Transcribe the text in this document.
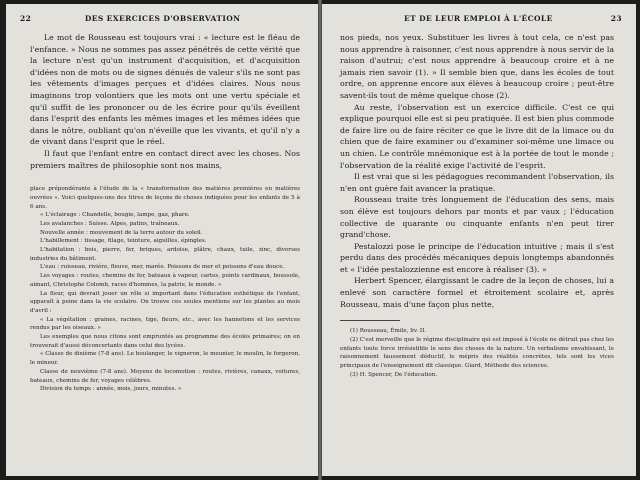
22	DES EXERCICES D'OBSERVATION

Le mot de Rousseau est toujours vrai : « lecture est le fléau de l'enfance. » Nous ne sommes pas assez pénétrés de cette vérité que la lecture n'est qu'un instrument d'acquisition, et d'acquisition d'idées non de mots ou de signes dénués de valeur s'ils ne sont pas les vêtements d'images perçues et d'idées claires. Nous nous imaginons trop volontiers que les mots ont une vertu spéciale et qu'il suffit de les prononcer ou de les écrire pour qu'ils éveillent dans l'esprit des enfants les mêmes images et les mêmes idées que dans le nôtre, oubliant qu'on n'éveille que les vivants, et qu'il n'y a de vivant dans l'esprit que le réel.

Il faut que l'enfant entre en contact direct avec les choses. Nos premiers maîtres de philosophie sont nos mains,

place prépondérante à l'étude de la « transformation des matières premières en matières ouvrées ». Voici quelques-uns des titres de leçons de choses indiquées pour les enfants de 5 à 6 ans.

« L'éclairage : Chandelle, bougie, lampe, gaz, phare.

Les avalanches : Suisse. Alpes, patins, traîneaux.

Nouvelle année : mouvement de la terre autour du soleil.

L'habillement : tissage, filage, teinture, aiguilles, épingles.

L'habitation : bois, pierre, fer, briques, ardoise, plâtre, chaux, tuile, zinc, diverses industries du bâtiment.

L'eau : ruisseau, rivière, fleuve, mer, marée. Poissons de mer et poissons d'eau douce.

Les voyages : routes, chemins de fer, bateaux à vapeur, cartes, points cardinaux, boussole, aimant, Christophe Colomb, races d'hommes, la patrie, le monde. »

La fleur, qui devrait jouer un rôle si important dans l'éducation esthétique de l'enfant, apparaît à peine dans la vie scolaire. On trouve ces seules mentions sur les plantes au mois d'avril :

« La végétation : graines, racines, tige, fleurs, etc., avec les hannetons et les services rendus par les oiseaux. »

Les exemples que nous citons sont empruntés au programme des écoles primaires; on en trouverait d'aussi déconcertants dans celui des lycées.

« Classe de dixième (7-8 ans). Le boulanger, le vigneron, le meunier, le moulin, le forgeron, le mineur.

Classe de neuvième (7-8 ans). Moyens de locomotion : routes, rivières, canaux, voitures, bateaux, chemins de fer, voyages célèbres.

Division du temps : année, mois, jours, minutes. »

ET DE LEUR EMPLOI À L'ÉCOLE	23

nos pieds, nos yeux. Substituer les livres à tout cela, ce n'est pas nous apprendre à raisonner, c'est nous apprendre à nous servir de la raison d'autrui; c'est nous apprendre à beaucoup croire et à ne jamais rien savoir (1). » Il semble bien que, dans les écoles de tout ordre, on apprenne encore aux élèves à beaucoup croire ; peut-être savent-ils tout de même quelque chose (2).

Au reste, l'observation est un exercice difficile. C'est ce qui explique pourquoi elle est si peu pratiquée. Il est bien plus commode de faire lire ou de faire réciter ce que le livre dit de la limace ou du chien que de faire examiner ou d'examiner soi-même une limace ou un chien. Le contrôle mnémonique est à la portée de tout le monde ; l'observation de la réalité exige l'activité de l'esprit.

Il est vrai que si les pédagogues recommandent l'observation, ils n'en ont guère fait avancer la pratique.

Rousseau traite très longuement de l'éducation des sens, mais son élève est toujours dehors par monts et par vaux ; l'éducation collective de quarante ou cinquante enfants n'en peut tirer grand'chose.

Pestalozzi pose le principe de l'éducation intuitive ; mais il s'est perdu dans des procédés mécaniques depuis longtemps abandonnés et « l'idée pestalozzienne est encore à réaliser (3). »

Herbert Spencer, élargissant le cadre de la leçon de choses, lui a enlevé son caractère formel et étroitement scolaire et, après Rousseau, mais d'une façon plus nette,

(1) Rousseau, Émile, liv. II.

(2) C'est merveille que le régime disciplinaire qui est imposé à l'école ne détruit pas chez les enfants toute force irrésistible le sens des choses de la nature. Un verbalisme envahissant, le raisonnement faussement déductif, le mépris des réalités concrètes, tels sont les vices principaux de l'enseignement dit classique. Giard, Méthode des sciences.

(3) H. Spencer, De l'éducation.
